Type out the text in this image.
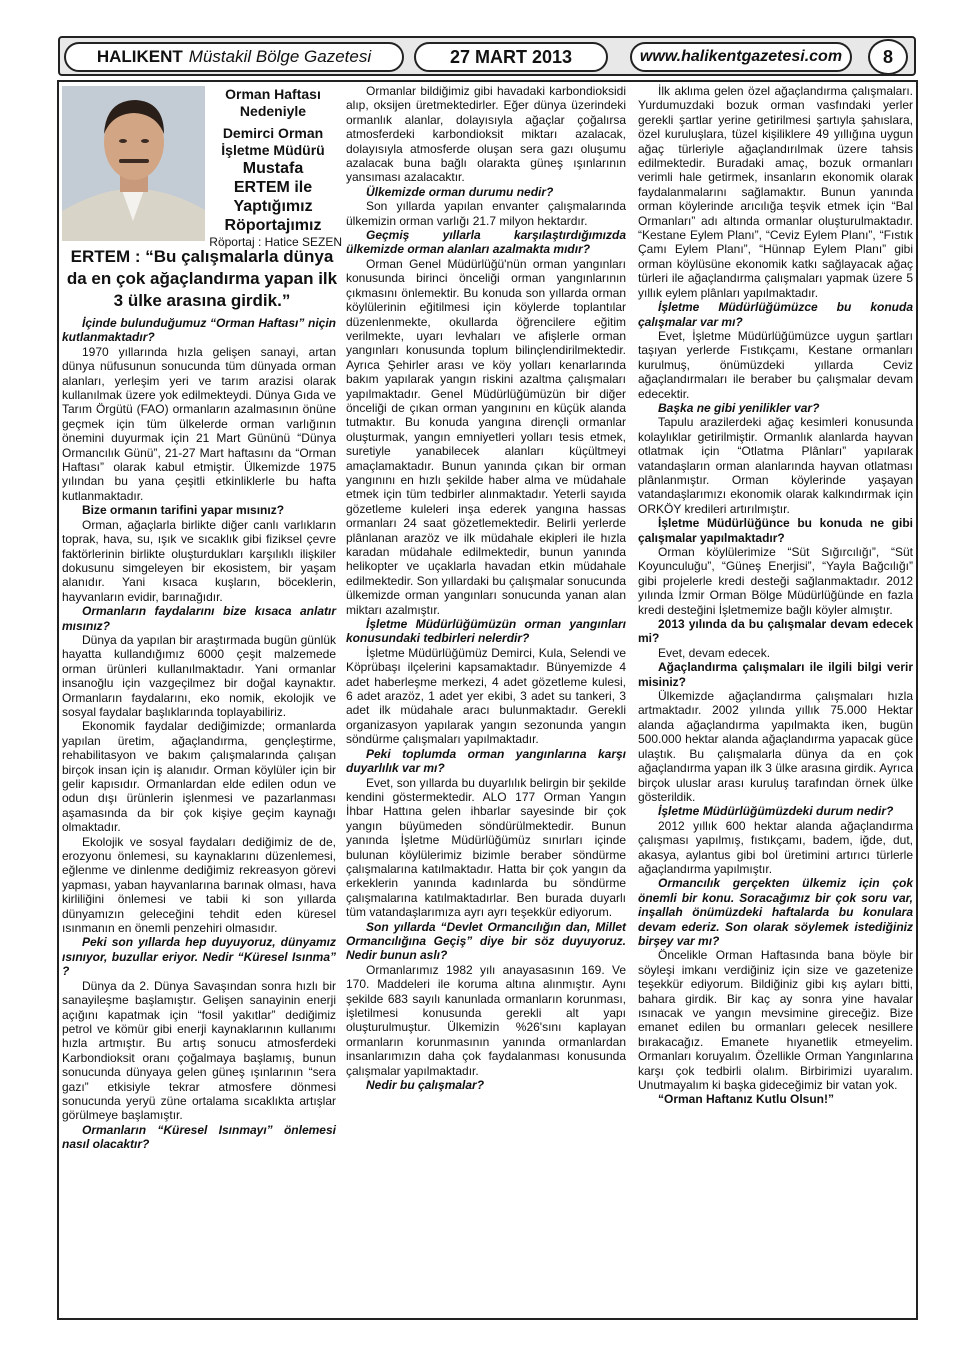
HALIKENT Müstakil Bölge Gazetesi	27 MART 2013	www.halikentgazetesi.com	8
Orman Haftası
Nedeniyle
Demirci Orman
İşletme Müdürü
Mustafa
ERTEM ile
Yaptığımız
Röportajımız
Röportaj : Hatice SEZEN
ERTEM : “Bu çalışmalarla dünya da en çok ağaçlandırma yapan ilk 3 ülke arasına girdik.”

İçinde bulunduğumuz “Orman Haftası” niçin kutlanmaktadır?

1970 yıllarında hızla gelişen sanayi, artan dünya nüfusunun sonucunda tüm dünyada orman alanları, yerleşim yeri ve tarım arazisi olarak kullanılmak üzere yok edilmekteydi. Dünya Gıda ve Tarım Örgütü (FAO) ormanların azalmasının önüne geçmek için tüm ülkelerde orman varlığının önemini duyurmak için 21 Mart Gününü “Dünya Ormancılık Günü”, 21-27 Mart haftasını da “Orman Haftası” olarak kabul etmiştir. Ülkemizde 1975 yılından bu yana çeşitli etkinliklerle bu hafta kutlanmaktadır.

Bize ormanın tarifini yapar mısınız?

Orman, ağaçlarla birlikte diğer canlı varlıkların toprak, hava, su, ışık ve sıcaklık gibi fiziksel çevre faktörlerinin birlikte oluşturdukları karşılıklı ilişkiler dokusunu simgeleyen bir ekosistem, bir yaşam alanıdır. Yani kısaca kuşların, böceklerin, hayvanların evidir, barınağıdır.

Ormanların faydalarını bize kısaca anlatır mısınız?

Dünya da yapılan bir araştırmada bugün günlük hayatta kullandığımız 6000 çeşit malzemede orman ürünleri kullanılmaktadır. Yani ormanlar insanoğlu için vazgeçilmez bir doğal kaynaktır. Ormanların faydalarını, eko nomik, ekolojik ve sosyal faydalar başlıklarında toplayabiliriz.

Ekonomik faydalar dediğimizde; ormanlarda yapılan üretim, ağaçlandırma, gençleştirme, rehabilitasyon ve bakım çalışmalarında çalışan birçok insan için iş alanıdır. Orman köylüler için bir gelir kapısıdır. Ormanlardan elde edilen odun ve odun dışı ürünlerin işlenmesi ve pazarlanması aşamasında da bir çok kişiye geçim kaynağı olmaktadır.

Ekolojik ve sosyal faydaları dediğimiz de de, erozyonu önlemesi, su kaynaklarını düzenlemesi, eğlenme ve dinlenme dediğimiz rekreasyon görevi yapması, yaban hayvanlarına barınak olması, hava kirliliğini önlemesi ve tabii ki son yıllarda dünyamızın geleceğini tehdit eden küresel ısınmanın en önemli penzehiri olmasıdır.

Peki son yıllarda hep duyuyoruz, dünyamız ısınıyor, buzullar eriyor. Nedir “Küresel Isınma” ?

Dünya da 2. Dünya Savaşından sonra hızlı bir sanayileşme başlamıştır. Gelişen sanayinin enerji açığını kapatmak için “fosil yakıtlar” dediğimiz petrol ve kömür gibi enerji kaynaklarının kullanımı hızla artmıştır. Bu artış sonucu atmosferdeki Karbondioksit oranı çoğalmaya başlamış, bunun sonucunda dünyaya gelen güneş ışınlarının “sera gazı” etkisiyle tekrar atmosfere dönmesi sonucunda yeryü züne ortalama sıcaklıkta artışlar görülmeye başlamıştır.

Ormanların “Küresel Isınmayı” önlemesi nasıl olacaktır?

Ormanlar bildiğimiz gibi havadaki karbondioksidi alıp, oksijen üretmektedirler. Eğer dünya üzerindeki ormanlık alanlar, dolayısıyla ağaçlar çoğalırsa atmosferdeki karbondioksit miktarı azalacak, dolayısıyla atmosferde oluşan sera gazı oluşumu azalacak buna bağlı olarakta güneş ışınlarının yansıması azalacaktır.

Ülkemizde orman durumu nedir?

Son yıllarda yapılan envanter çalışmalarında ülkemizin orman varlığı 21.7 milyon hektardır.

Geçmiş yıllarla karşılaştırdığımızda ülkemizde orman alanları azalmakta mıdır?

Orman Genel Müdürlüğü'nün orman yangınları konusunda birinci önceliği orman yangınlarının çıkmasını önlemektir. Bu konuda son yıllarda orman köylülerinin eğitilmesi için köylerde toplantılar düzenlenmekte, okullarda öğrencilere eğitim verilmekte, uyarı levhaları ve afişlerle orman yangınları konusunda toplum bilinçlendirilmektedir. Ayrıca Şehirler arası ve köy yolları kenarlarında bakım yapılarak yangın riskini azaltma çalışmaları yapılmaktadır. Genel Müdürlüğümüzün bir diğer önceliği de çıkan orman yangınını en küçük alanda tutmaktır. Bu konuda yangına dirençli ormanlar oluşturmak, yangın emniyetleri yolları tesis etmek, suretiyle yanabilecek alanları küçültmeyi amaçlamaktadır. Bunun yanında çıkan bir orman yangınını en hızlı şekilde haber alma ve müdahale etmek için tüm tedbirler alınmaktadır. Yeterli sayıda gözetleme kuleleri inşa ederek yangına hassas ormanları 24 saat gözetlemektedir. Belirli yerlerde plânlanan arazöz ve ilk müdahale ekipleri ile hızla karadan müdahale edilmektedir, bunun yanında helikopter ve uçaklarla havadan etkin müdahale edilmektedir. Son yıllardaki bu çalışmalar sonucunda ülkemizde orman yangınları sonucunda yanan alan miktarı azalmıştır.

İşletme Müdürlüğümüzün orman yangınları konusundaki tedbirleri nelerdir?

İşletme Müdürlüğümüz Demirci, Kula, Selendi ve Köprübaşı ilçelerini kapsamaktadır. Bünyemizde 4 adet haberleşme merkezi, 4 adet gözetleme kulesi, 6 adet arazöz, 1 adet yer ekibi, 3 adet su tankeri, 3 adet ilk müdahale aracı bulunmaktadır. Gerekli organizasyon yapılarak yangın sezonunda yangın söndürme çalışmaları yapılmaktadır.

Peki toplumda orman yangınlarına karşı duyarlılık var mı?

Evet, son yıllarda bu duyarlılık belirgin bir şekilde kendini göstermektedir. ALO 177 Orman Yangın İhbar Hattına gelen ihbarlar sayesinde bir çok yangın büyümeden söndürülmektedir. Bunun yanında İşletme Müdürlüğümüz sınırları içinde bulunan köylülerimiz bizimle beraber söndürme çalışmalarına katılmaktadır. Hatta bir çok yangın da erkeklerin yanında kadınlarda bu söndürme çalışmalarına katılmaktadırlar. Ben burada duyarlı tüm vatandaşlarımıza ayrı ayrı teşekkür ediyorum.

Son yıllarda “Devlet Ormancılığın dan, Millet Ormancılığına Geçiş” diye bir söz duyuyoruz. Nedir bunun aslı?

Ormanlarımız 1982 yılı anayasasının 169. Ve 170. Maddeleri ile koruma altına alınmıştır. Aynı şekilde 683 sayılı kanunlada ormanların korunması, işletilmesi konusunda gerekli alt yapı oluşturulmuştur. Ülkemizin %26'sını kaplayan ormanların korunmasının yanında ormanlardan insanlarımızın daha çok faydalanması konusunda çalışmalar yapılmaktadır.

Nedir bu çalışmalar?

İlk aklıma gelen özel ağaçlandırma çalışmaları. Yurdumuzdaki bozuk orman vasfındaki yerler gerekli şartlar yerine getirilmesi şartıyla şahıslara, özel kuruluşlara, tüzel kişiliklere 49 yıllığına uygun ağaç türleriyle ağaçlandırılmak üzere tahsis edilmektedir. Buradaki amaç, bozuk ormanları verimli hale getirmek, insanların ekonomik olarak faydalanmalarını sağlamaktır. Bunun yanında orman köylerinde arıcılığa teşvik etmek için “Bal Ormanları” adı altında ormanlar oluşturulmaktadır. “Kestane Eylem Planı”, “Ceviz Eylem Planı”, “Fıstık Çamı Eylem Planı”, “Hünnap Eylem Planı” gibi orman köylüsüne ekonomik katkı sağlayacak ağaç türleri ile ağaçlandırma çalışmaları yapmak üzere 5 yıllık eylem plânları yapılmaktadır.

İşletme Müdürlüğümüzce bu konuda çalışmalar var mı?

Evet, İşletme Müdürlüğümüzce uygun şartları taşıyan yerlerde Fıstıkçamı, Kestane ormanları kurulmuş, önümüzdeki yıllarda Ceviz ağaçlandırmaları ile beraber bu çalışmalar devam edecektir.

Başka ne gibi yenilikler var?

Tapulu arazilerdeki ağaç kesimleri konusunda kolaylıklar getirilmiştir. Ormanlık alanlarda hayvan otlatmak için “Otlatma Plânları” yapılarak vatandaşların orman alanlarında hayvan otlatması plânlanmıştır. Orman köylerinde yaşayan vatandaşlarımızı ekonomik olarak kalkındırmak için ORKÖY kredileri artırılmıştır.

İşletme Müdürlüğünce bu konuda ne gibi çalışmalar yapılmaktadır?

Orman köylülerimize “Süt Sığırcılığı”, “Süt Koyunculuğu”, “Güneş Enerjisi”, “Yayla Bağcılığı” gibi projelerle kredi desteği sağlanmaktadır. 2012 yılında İzmir Orman Bölge Müdürlüğünde en fazla kredi desteğini İşletmemize bağlı köyler almıştır.

2013 yılında da bu çalışmalar devam edecek mi?

Evet, devam edecek.

Ağaçlandırma çalışmaları ile ilgili bilgi verir misiniz?

Ülkemizde ağaçlandırma çalışmaları hızla artmaktadır. 2002 yılında yıllık 75.000 Hektar alanda ağaçlandırma yapılmakta iken, bugün 500.000 hektar alanda ağaçlandırma yapacak güce ulaştık. Bu çalışmalarla dünya da en çok ağaçlandırma yapan ilk 3 ülke arasına girdik. Ayrıca birçok uluslar arası kuruluş tarafından örnek ülke gösterildik.

İşletme Müdürlüğümüzdeki durum nedir?

2012 yıllık 600 hektar alanda ağaçlandırma çalışması yapılmış, fıstıkçamı, badem, iğde, dut, akasya, aylantus gibi bol üretimini artırıcı türlerle ağaçlandırma yapılmıştır.

Ormancılık gerçekten ülkemiz için çok önemli bir konu. Soracağımız bir çok soru var, inşallah önümüzdeki haftalarda bu konulara devam ederiz. Son olarak söylemek istediğiniz birşey var mı?

Öncelikle Orman Haftasında bana böyle bir söyleşi imkanı verdiğiniz için size ve gazetenize teşekkür ediyorum. Bildiğiniz gibi kış ayları bitti, bahara girdik. Bir kaç ay sonra yine havalar ısınacak ve yangın mevsimine gireceğiz. Bize emanet edilen bu ormanları gelecek nesillere bırakacağız. Emanete hıyanetlik etmeyelim. Ormanları koruyalım. Özellikle Orman Yangınlarına karşı çok tedbirli olalım. Birbirimizi uyaralım. Unutmayalım ki başka gideceğimiz bir vatan yok.

“Orman Haftanız Kutlu Olsun!”
